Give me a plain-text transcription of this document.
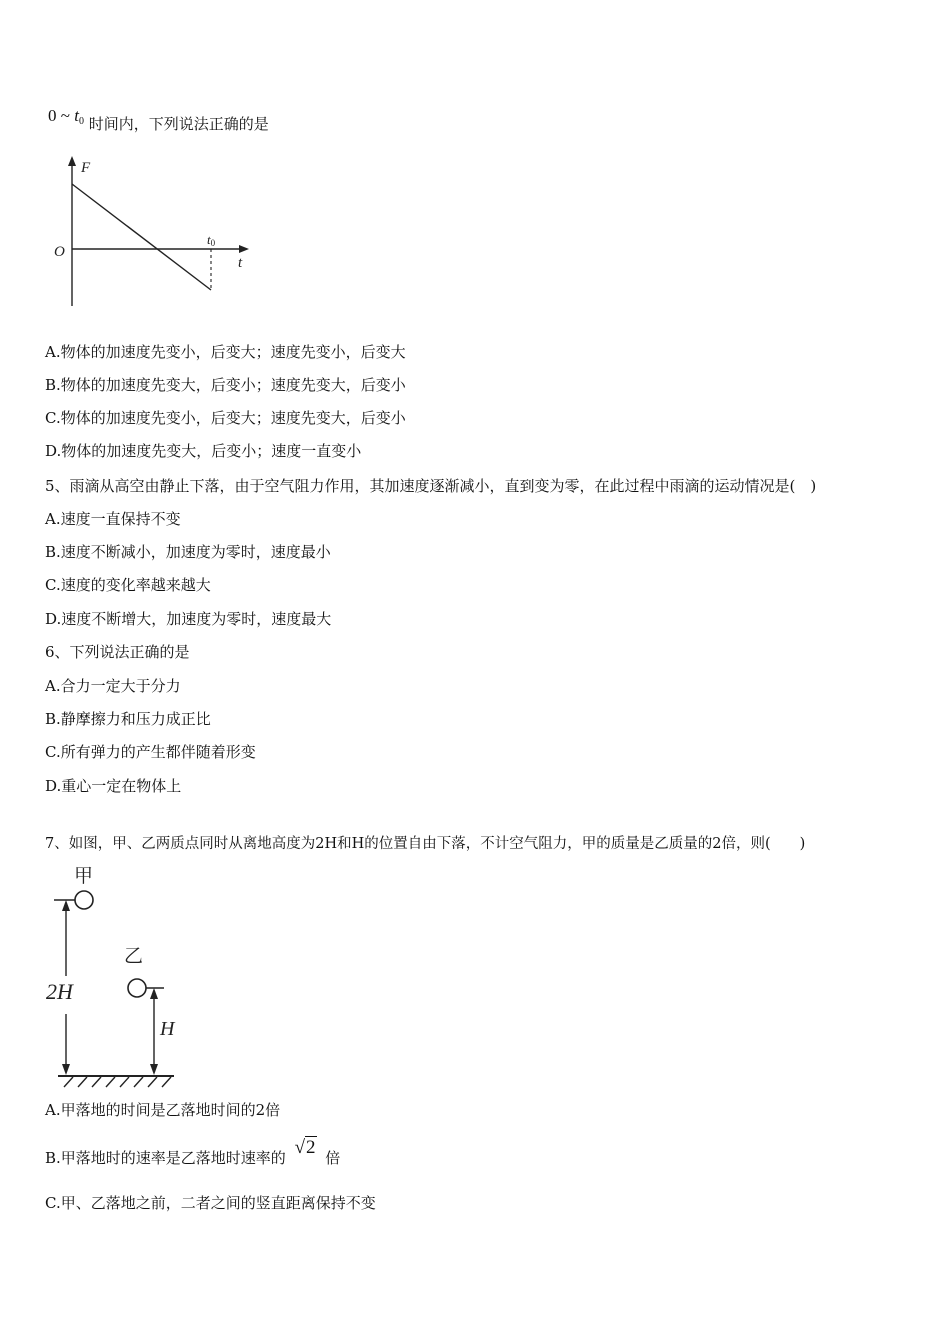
0 ~ $t_0$ 时间内，下列说法正确的是
F
O
t
t0
A.物体的加速度先变小，后变大；速度先变小，后变大
B.物体的加速度先变大，后变小；速度先变大，后变小
C.物体的加速度先变小，后变大；速度先变大，后变小
D.物体的加速度先变大，后变小；速度一直变小
5、雨滴从高空由静止下落，由于空气阻力作用，其加速度逐渐减小，直到变为零，在此过程中雨滴的运动情况是(　)
A.速度一直保持不变
B.速度不断减小，加速度为零时，速度最小
C.速度的变化率越来越大
D.速度不断增大，加速度为零时，速度最大
6、下列说法正确的是
A.合力一定大于分力
B.静摩擦力和压力成正比
C.所有弹力的产生都伴随着形变
D.重心一定在物体上
7、如图，甲、乙两质点同时从离地高度为2H和H的位置自由下落，不计空气阻力，甲的质量是乙质量的2倍，则(　　)
甲
乙
2H
H
A.甲落地的时间是乙落地时间的2倍
B.甲落地时的速率是乙落地时速率的 √2 倍
C.甲、乙落地之前，二者之间的竖直距离保持不变
